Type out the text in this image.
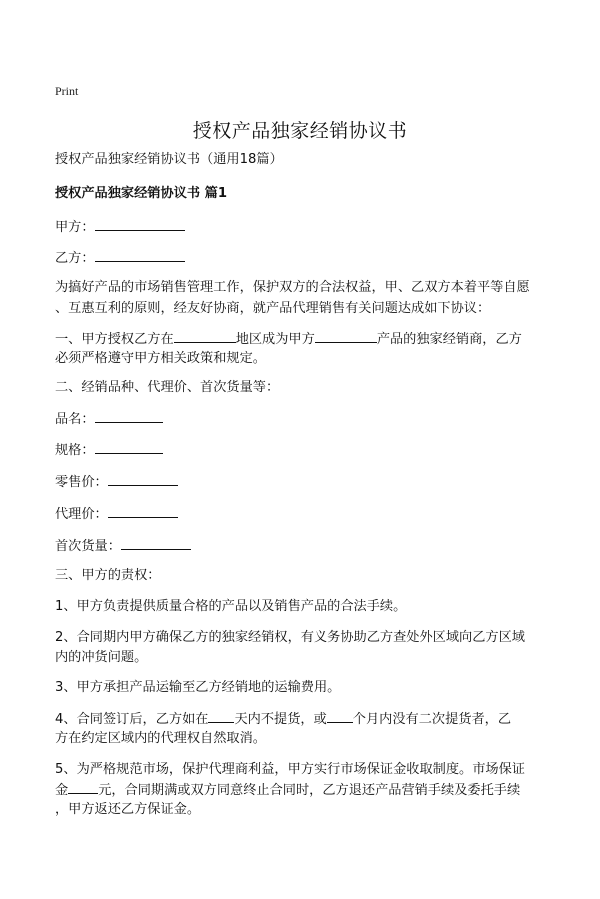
Print
授权产品独家经销协议书
授权产品独家经销协议书（通用18篇）
授权产品独家经销协议书 篇1
甲方：
乙方：
为搞好产品的市场销售管理工作，保护双方的合法权益，甲、乙双方本着平等自愿
、互惠互利的原则，经友好协商，就产品代理销售有关问题达成如下协议：
一、甲方授权乙方在	地区成为甲方	产品的独家经销商，乙方
必须严格遵守甲方相关政策和规定。
二、经销品种、代理价、首次货量等：
品名：
规格：
零售价：
代理价：
首次货量：
三、甲方的责权：
1、甲方负责提供质量合格的产品以及销售产品的合法手续。
2、合同期内甲方确保乙方的独家经销权，有义务协助乙方查处外区域向乙方区域
内的冲货问题。
3、甲方承担产品运输至乙方经销地的运输费用。
4、合同签订后，乙方如在 天内不提货，或 个月内没有二次提货者，乙
方在约定区域内的代理权自然取消。
5、为严格规范市场，保护代理商利益，甲方实行市场保证金收取制度。市场保证
金 元，合同期满或双方同意终止合同时，乙方退还产品营销手续及委托手续
，甲方返还乙方保证金。
